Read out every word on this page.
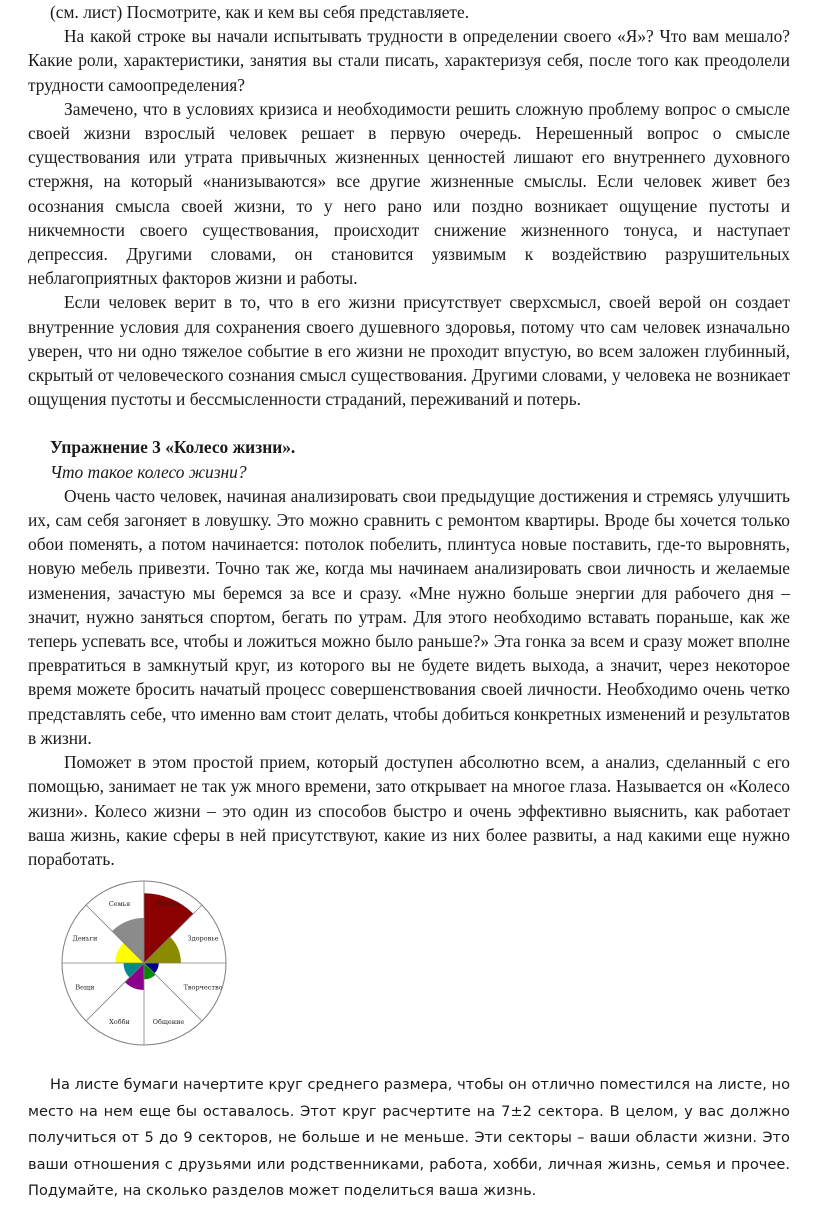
(см. лист) Посмотрите, как и кем вы себя представляете.

На какой строке вы начали испытывать трудности в определении своего «Я»? Что вам мешало? Какие роли, характеристики, занятия вы стали писать, характеризуя себя, после того как преодолели трудности самоопределения?

Замечено, что в условиях кризиса и необходимости решить сложную проблему вопрос о смысле своей жизни взрослый человек решает в первую очередь. Нерешенный вопрос о смысле существования или утрата привычных жизненных ценностей лишают его внутреннего духовного стержня, на который «нанизываются» все другие жизненные смыслы. Если человек живет без осознания смысла своей жизни, то у него рано или поздно возникает ощущение пустоты и никчемности своего существования, происходит снижение жизненного тонуса, и наступает депрессия. Другими словами, он становится уязвимым к воздействию разрушительных неблагоприятных факторов жизни и работы.

Если человек верит в то, что в его жизни присутствует сверхсмысл, своей верой он создает внутренние условия для сохранения своего душевного здоровья, потому что сам человек изначально уверен, что ни одно тяжелое событие в его жизни не проходит впустую, во всем заложен глубинный, скрытый от человеческого сознания смысл существования. Другими словами, у человека не возникает ощущения пустоты и бессмысленности страданий, переживаний и потерь.

Упражнение 3 «Колесо жизни».

Что такое колесо жизни?

Очень часто человек, начиная анализировать свои предыдущие достижения и стремясь улучшить их, сам себя загоняет в ловушку. Это можно сравнить с ремонтом квартиры. Вроде бы хочется только обои поменять, а потом начинается: потолок побелить, плинтуса новые поставить, где-то выровнять, новую мебель привезти. Точно так же, когда мы начинаем анализировать свои личность и желаемые изменения, зачастую мы беремся за все и сразу. «Мне нужно больше энергии для рабочего дня – значит, нужно заняться спортом, бегать по утрам. Для этого необходимо вставать пораньше, как же теперь успевать все, чтобы и ложиться можно было раньше?» Эта гонка за всем и сразу может вполне превратиться в замкнутый круг, из которого вы не будете видеть выхода, а значит, через некоторое время можете бросить начатый процесс совершенствования своей личности. Необходимо очень четко представлять себе, что именно вам стоит делать, чтобы добиться конкретных изменений и результатов в жизни.

Поможет в этом простой прием, который доступен абсолютно всем, а анализ, сделанный с его помощью, занимает не так уж много времени, зато открывает на многое глаза. Называется он «Колесо жизни». Колесо жизни – это один из способов быстро и очень эффективно выяснить, как работает ваша жизнь, какие сферы в ней присутствуют, какие из них более развиты, а над какими еще нужно поработать.

Работа
Здоровье
Творчество
Общение
Хобби
Вещи
Деньги
Семья

На листе бумаги начертите круг среднего размера, чтобы он отлично поместился на листе, но место на нем еще бы оставалось. Этот круг расчертите на 7±2 сектора. В целом, у вас должно получиться от 5 до 9 секторов, не больше и не меньше. Эти секторы – ваши области жизни. Это ваши отношения с друзьями или родственниками, работа, хобби, личная жизнь, семья и прочее. Подумайте, на сколько разделов может поделиться ваша жизнь.
